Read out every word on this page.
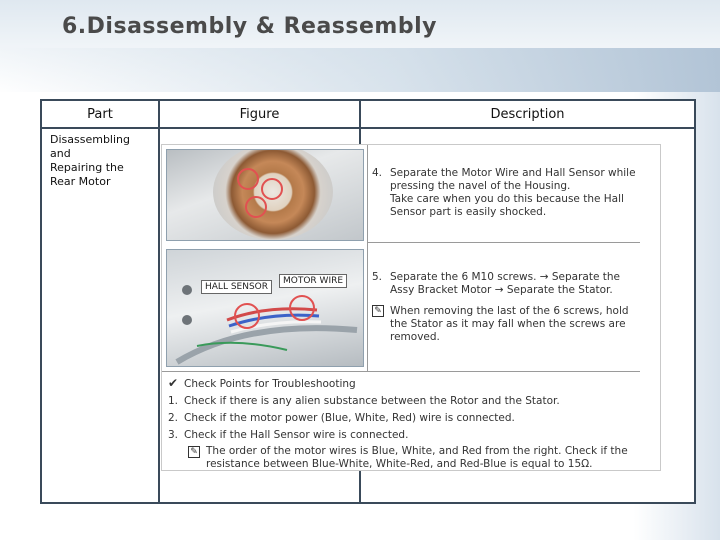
6.Disassembly & Reassembly
Part	Figure	Description
Disassembling
and
Repairing the
Rear Motor
HALL SENSOR
MOTOR WIRE
4. Separate the Motor Wire and Hall Sensor while
pressing the navel of the Housing.
Take care when you do this because the Hall
Sensor part is easily shocked.
5. Separate the 6 M10 screws. → Separate the
Assy Bracket Motor → Separate the Stator.
✎ When removing the last of the 6 screws, hold
the Stator as it may fall when the screws are
removed.
✔ Check Points for Troubleshooting
1. Check if there is any alien substance between the Rotor and the Stator.
2. Check if the motor power (Blue, White, Red) wire is connected.
3. Check if the Hall Sensor wire is connected.
✎ The order of the motor wires is Blue, White, and Red from the right. Check if the
resistance between Blue-White, White-Red, and Red-Blue is equal to 15Ω.
